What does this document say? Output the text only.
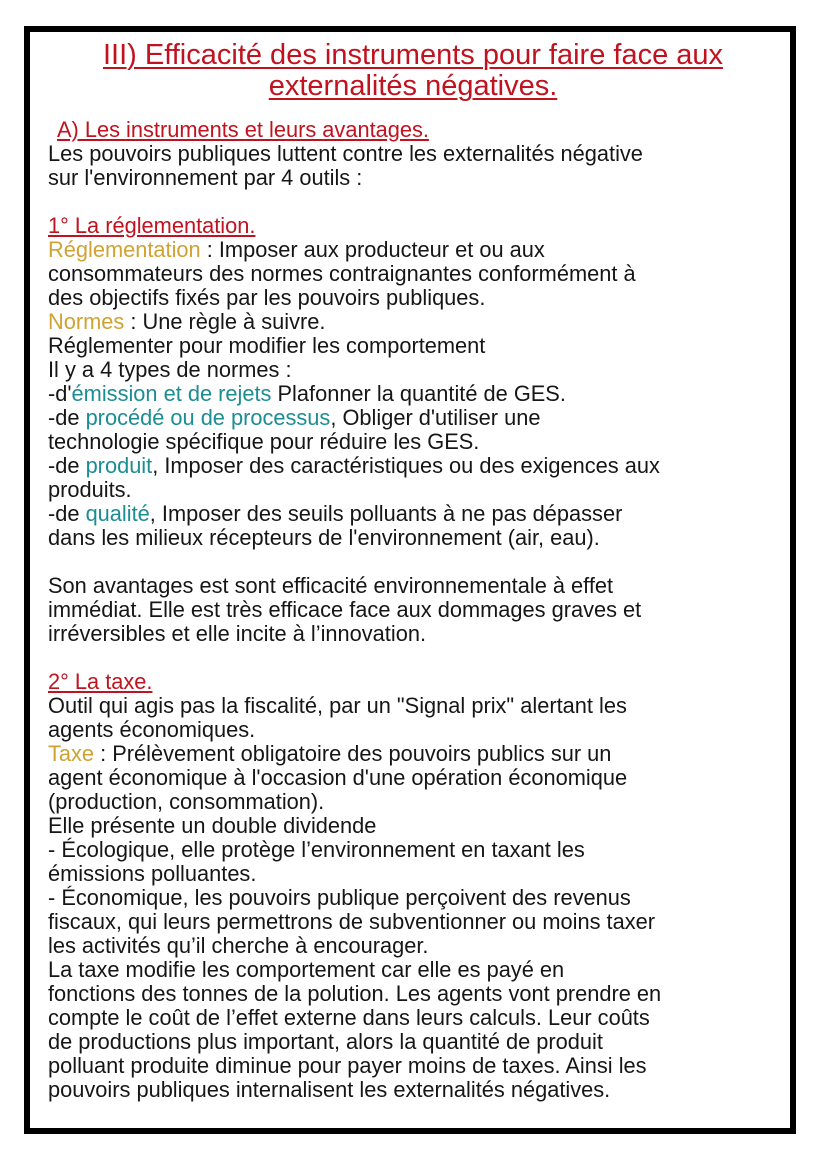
III) Efficacité des instruments pour faire face aux externalités négatives.

A) Les instruments et leurs avantages.

Les pouvoirs publiques luttent contre les externalités négative

sur l'environnement par 4 outils :

1° La réglementation.

Réglementation : Imposer aux producteur et ou aux

consommateurs des normes contraignantes conformément à

des objectifs fixés par les pouvoirs publiques.

Normes : Une règle à suivre.

Réglementer pour modifier les comportement

Il y a 4 types de normes :

-d'émission et de rejets Plafonner la quantité de GES.

-de procédé ou de processus, Obliger d'utiliser une

technologie spécifique pour réduire les GES.

-de produit, Imposer des caractéristiques ou des exigences aux

produits.

-de qualité, Imposer des seuils polluants à ne pas dépasser

dans les milieux récepteurs de l'environnement (air, eau).

Son avantages est sont efficacité environnementale à effet

immédiat. Elle est très efficace face aux dommages graves et

irréversibles et elle incite à l’innovation.

2° La taxe.

Outil qui agis pas la fiscalité, par un "Signal prix" alertant les

agents économiques.

Taxe : Prélèvement obligatoire des pouvoirs publics sur un

agent économique à l'occasion d'une opération économique

(production, consommation).

Elle présente un double dividende

- Écologique, elle protège l’environnement en taxant les

émissions polluantes.

- Économique, les pouvoirs publique perçoivent des revenus

fiscaux, qui leurs permettrons de subventionner ou moins taxer

les activités qu’il cherche à encourager.

La taxe modifie les comportement car elle es payé en

fonctions des tonnes de la polution. Les agents vont prendre en

compte le coût de l’effet externe dans leurs calculs. Leur coûts

de productions plus important, alors la quantité de produit

polluant produite diminue pour payer moins de taxes. Ainsi les

pouvoirs publiques internalisent les externalités négatives.
